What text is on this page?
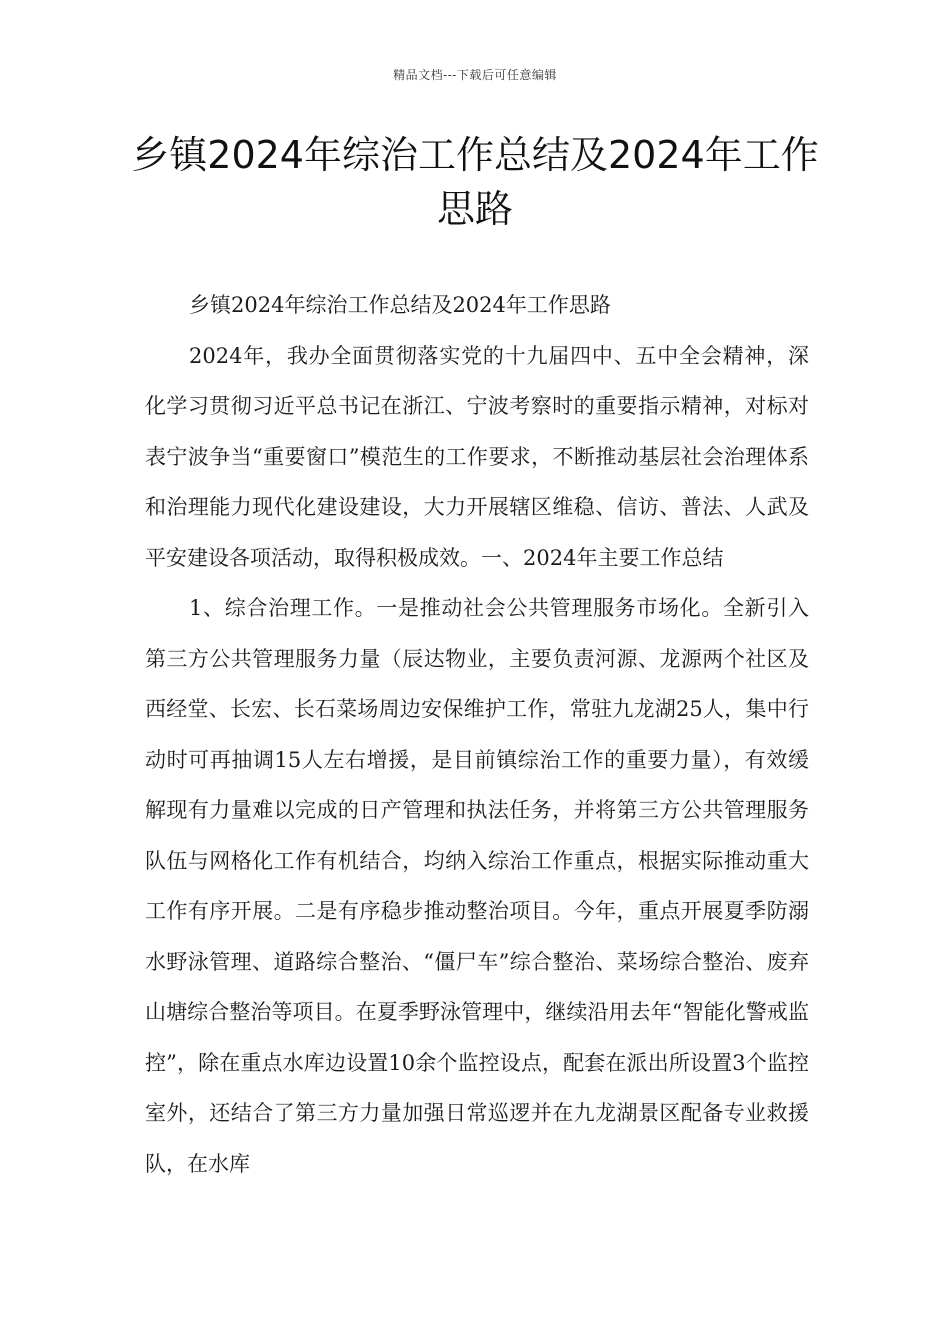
精品文档---下载后可任意编辑
乡镇2024年综治工作总结及2024年工作思路

乡镇2024年综治工作总结及2024年工作思路

2024年，我办全面贯彻落实党的十九届四中、五中全会精神，深化学习贯彻习近平总书记在浙江、宁波考察时的重要指示精神，对标对表宁波争当“重要窗口”模范生的工作要求，不断推动基层社会治理体系和治理能力现代化建设建设，大力开展辖区维稳、信访、普法、人武及平安建设各项活动，取得积极成效。一、2024年主要工作总结

1、综合治理工作。一是推动社会公共管理服务市场化。全新引入第三方公共管理服务力量（辰达物业，主要负责河源、龙源两个社区及西经堂、长宏、长石菜场周边安保维护工作，常驻九龙湖25人，集中行动时可再抽调15人左右增援，是目前镇综治工作的重要力量），有效缓解现有力量难以完成的日产管理和执法任务，并将第三方公共管理服务队伍与网格化工作有机结合，均纳入综治工作重点，根据实际推动重大工作有序开展。二是有序稳步推动整治项目。今年，重点开展夏季防溺水野泳管理、道路综合整治、“僵尸车”综合整治、菜场综合整治、废弃山塘综合整治等项目。在夏季野泳管理中，继续沿用去年“智能化警戒监控”，除在重点水库边设置10余个监控设点，配套在派出所设置3个监控室外，还结合了第三方力量加强日常巡逻并在九龙湖景区配备专业救援队，在水库
